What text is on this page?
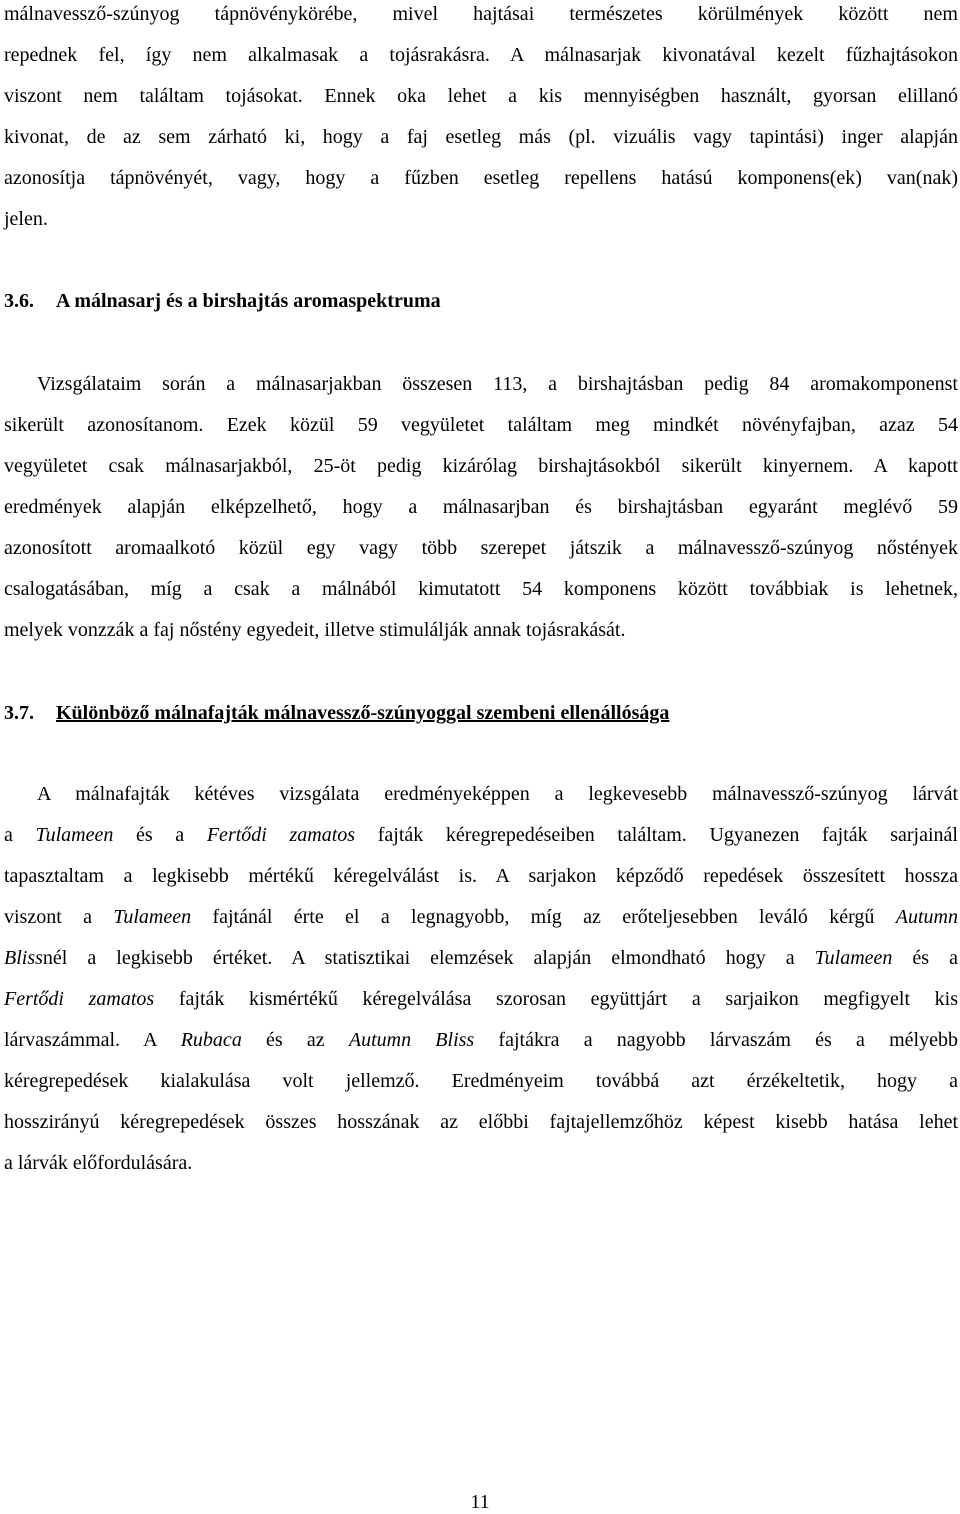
málnavessző-szúnyog tápnövénykörébe, mivel hajtásai természetes körülmények között nem
repednek fel, így nem alkalmasak a tojásrakásra. A málnasarjak kivonatával kezelt fűzhajtásokon
viszont nem találtam tojásokat. Ennek oka lehet a kis mennyiségben használt, gyorsan elillanó
kivonat, de az sem zárható ki, hogy a faj esetleg más (pl. vizuális vagy tapintási) inger alapján
azonosítja tápnövényét, vagy, hogy a fűzben esetleg repellens hatású komponens(ek) van(nak)
jelen.
3.6. A málnasarj és a birshajtás aromaspektruma
Vizsgálataim során a málnasarjakban összesen 113, a birshajtásban pedig 84 aromakomponenst
sikerült azonosítanom. Ezek közül 59 vegyületet találtam meg mindkét növényfajban, azaz 54
vegyületet csak málnasarjakból, 25-öt pedig kizárólag birshajtásokból sikerült kinyernem. A kapott
eredmények alapján elképzelhető, hogy a málnasarjban és birshajtásban egyaránt meglévő 59
azonosított aromaalkotó közül egy vagy több szerepet játszik a málnavessző-szúnyog nőstények
csalogatásában, míg a csak a málnából kimutatott 54 komponens között továbbiak is lehetnek,
melyek vonzzák a faj nőstény egyedeit, illetve stimulálják annak tojásrakását.
3.7. Különböző málnafajták málnavessző-szúnyoggal szembeni ellenállósága
A málnafajták kétéves vizsgálata eredményeképpen a legkevesebb málnavessző-szúnyog lárvát
a Tulameen és a Fertődi zamatos fajták kéregrepedéseiben találtam. Ugyanezen fajták sarjainál
tapasztaltam a legkisebb mértékű kéregelválást is. A sarjakon képződő repedések összesített hossza
viszont a Tulameen fajtánál érte el a legnagyobb, míg az erőteljesebben leváló kérgű Autumn
Blissnél a legkisebb értéket. A statisztikai elemzések alapján elmondható hogy a Tulameen és a
Fertődi zamatos fajták kismértékű kéregelválása szorosan együttjárt a sarjaikon megfigyelt kis
lárvaszámmal. A Rubaca és az Autumn Bliss fajtákra a nagyobb lárvaszám és a mélyebb
kéregrepedések kialakulása volt jellemző. Eredményeim továbbá azt érzékeltetik, hogy a
hosszirányú kéregrepedések összes hosszának az előbbi fajtajellemzőhöz képest kisebb hatása lehet
a lárvák előfordulására.
11
